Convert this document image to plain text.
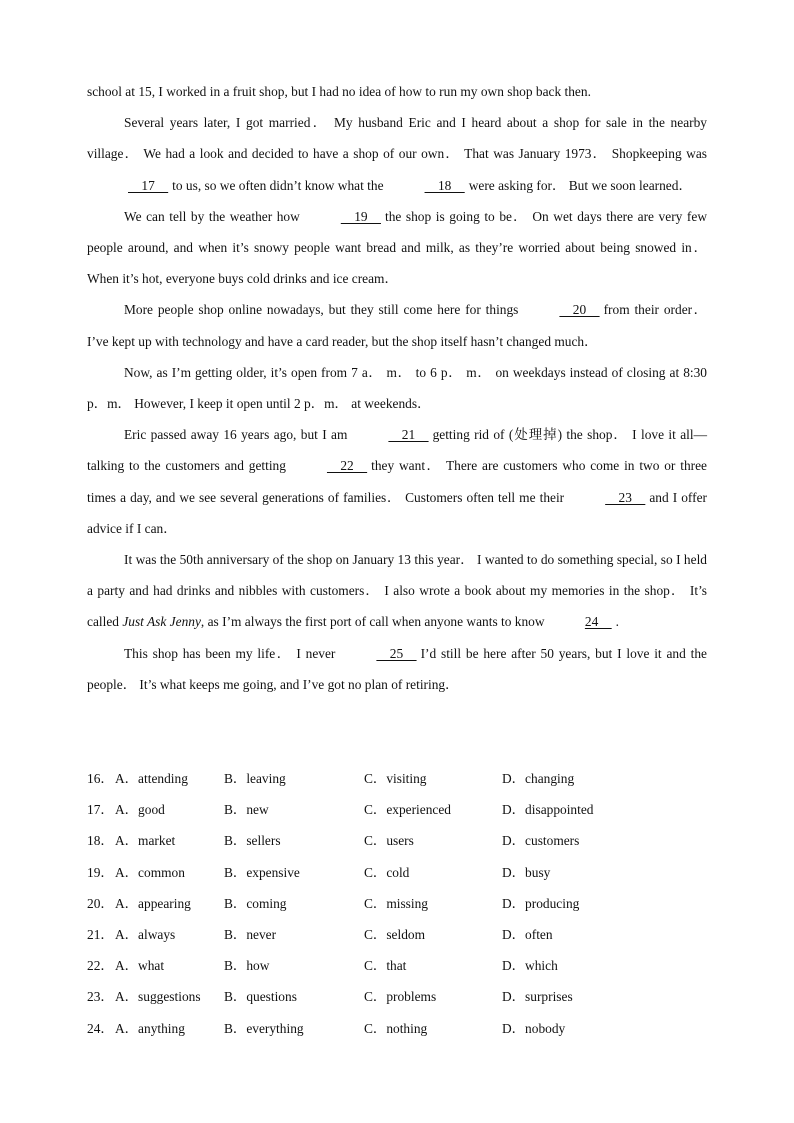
school at 15, I worked in a fruit shop, but I had no idea of how to run my own shop back then.

Several years later, I got married． My husband Eric and I heard about a shop for sale in the nearby village． We had a look and decided to have a shop of our own． That was January 1973． Shopkeeping was    17    to us, so we often didn’t know what the	18    were asking for． But we soon learned．

We can tell by the weather how	19    the shop is going to be． On wet days there are very few people around, and when it’s snowy people want bread and milk, as they’re worried about being snowed in． When it’s hot, everyone buys cold drinks and ice cream．

More people shop online nowadays, but they still come here for things	20    from their order． I’ve kept up with technology and have a card reader, but the shop itself hasn’t changed much．

Now, as I’m getting older, it’s open from 7 a． m． to 6 p． m． on weekdays instead of closing at 8:30 p．m． However, I keep it open until 2 p．m． at weekends．

Eric passed away 16 years ago, but I am	21    getting rid of (处理掉) the shop． I love it all—talking to the customers and getting	22    they want． There are customers who come in two or three times a day, and we see several generations of families． Customers often tell me their	23    and I offer advice if I can．

It was the 50th anniversary of the shop on January 13 this year． I wanted to do something special, so I held a party and had drinks and nibbles with customers． I also wrote a book about my memories in the shop． It’s called Just Ask Jenny, as I’m always the first port of call when anyone wants to know	24    .

This shop has been my life． I never	25    I’d still be here after 50 years, but I love it and the people． It’s what keeps me going, and I’ve got no plan of retiring．

16． A．attending	B．leaving	C．visiting	D．changing
17． A．good	B．new	C．experienced	D．disappointed
18． A．market	B．sellers	C．users	D．customers
19． A．common	B．expensive	C．cold	D．busy
20． A．appearing B．coming	C．missing	D．producing
21． A．always	B．never	C．seldom	D．often
22． A．what	B．how	C．that	D．which
23． A．suggestions B．questions	C．problems	D．surprises
24． A．anything	B．everything	C．nothing	D．nobody
